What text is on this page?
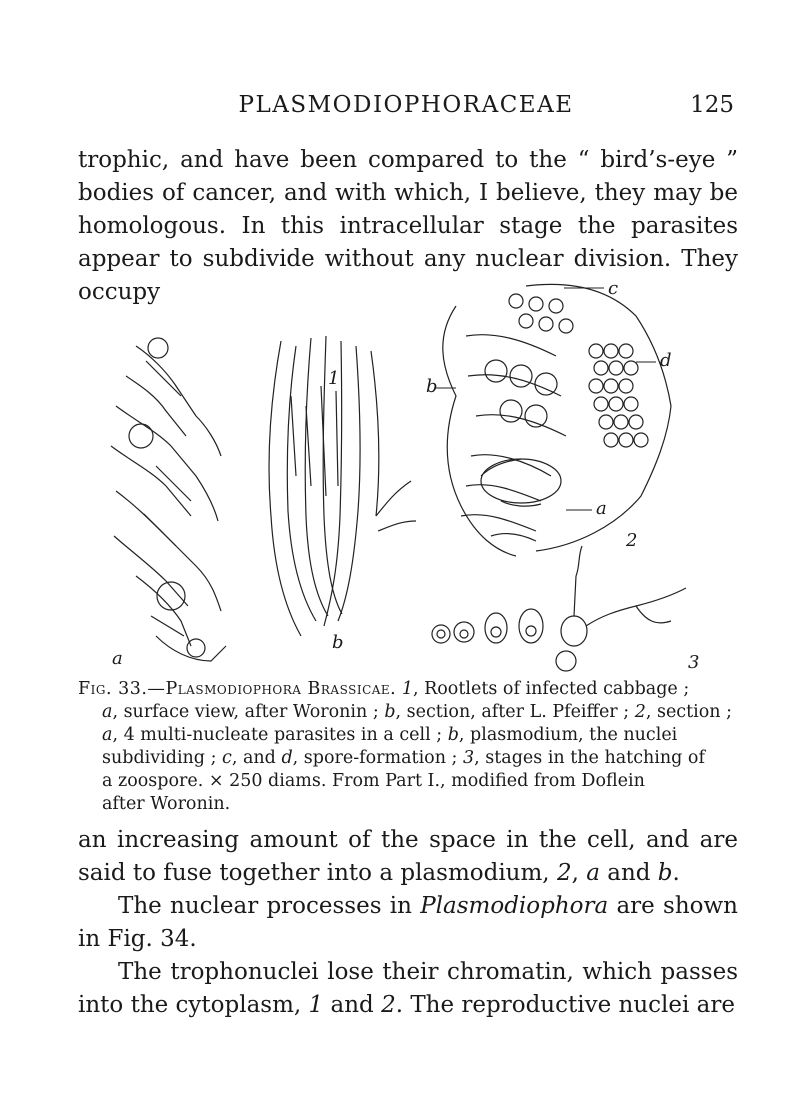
PLASMODIOPHORACEAE	125

trophic, and have been compared to the “ bird’s-eye ” bodies of cancer, and with which, I believe, they may be homologous. In this intracellular stage the parasites appear to subdivide without any nuclear division. They occupy

1
a
b
b
c
d
a
2
3
Fig. 33.—Plasmodiophora Brassicae. 1, Rootlets of infected cabbage ;
a, surface view, after Woronin ; b, section, after L. Pfeiffer ; 2, section ;
a, 4 multi-nucleate parasites in a cell ; b, plasmodium, the nuclei
subdividing ; c, and d, spore-formation ; 3, stages in the hatching of
a zoospore. × 250 diams. From Part I., modified from Doflein
after Woronin.

an increasing amount of the space in the cell, and are said to fuse together into a plasmodium, 2, a and b.

The nuclear processes in Plasmodiophora are shown in Fig. 34.

The trophonuclei lose their chromatin, which passes into the cytoplasm, 1 and 2. The reproductive nuclei are
